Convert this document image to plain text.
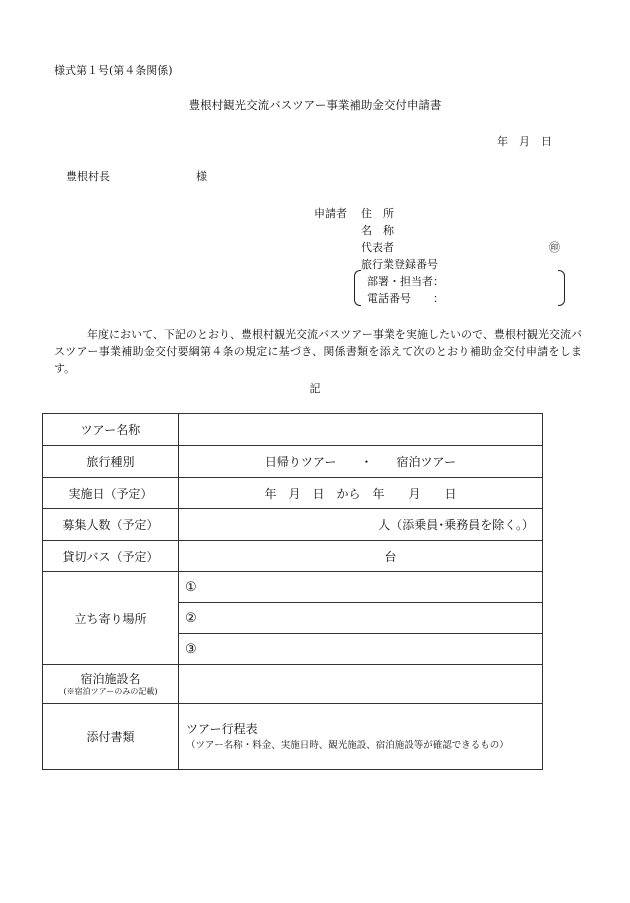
様式第１号(第４条関係)
豊根村観光交流バスツアー事業補助金交付申請書
年　月　日
豊根村長	様
申請者 住　所
名　称
代表者	㊞
旅行業登録番号
部署・担当者：
電話番号　　：
年度において、下記のとおり、豊根村観光交流バスツアー事業を実施したいので、豊根村観光交流バスツアー事業補助金交付要綱第４条の規定に基づき、関係書類を添えて次のとおり補助金交付申請をします。
記
ツアー名称	
旅行種別	日帰りツアー　　・　　宿泊ツアー
実施日（予定）	年　月　日　から　年　　月　　日
募集人数（予定）	人（添乗員･乗務員を除く。）
貸切バス（予定）	台
立ち寄り場所	①
	②
	③

宿泊施設名
(※宿泊ツアーのみの記載)	

添付書類	ツアー行程表
（ツアー名称・料金、実施日時、観光施設、宿泊施設等が確認できるもの）
